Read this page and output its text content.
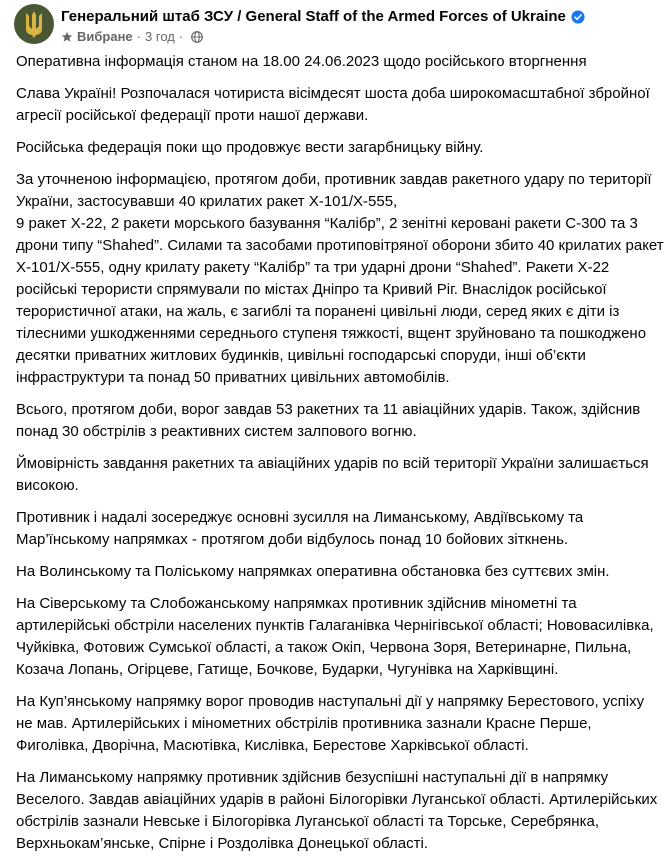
Генеральний штаб ЗСУ / General Staff of the Armed Forces of Ukraine
Вибране · 3 год ·

Оперативна інформація станом на 18.00 24.06.2023 щодо російського вторгнення

Слава Україні! Розпочалася чотириста вісімдесят шоста доба широкомасштабної збройної агресії російської федерації проти нашої держави.

Російська федерація поки що продовжує вести загарбницьку війну.

За уточненою інформацією, протягом доби, противник завдав ракетного удару по території України, застосувавши 40 крилатих ракет Х-101/Х-555,
9 ракет Х-22, 2 ракети морського базування “Калібр”, 2 зенітні керовані ракети С-300 та 3 дрони типу “Shahed”. Силами та засобами протиповітряної оборони збито 40 крилатих ракет Х-101/Х-555, одну крилату ракету “Калібр” та три ударні дрони “Shahed”. Ракети Х-22 російські терористи спрямували по містах Дніпро та Кривий Ріг. Внаслідок російської терористичної атаки, на жаль, є загиблі та поранені цивільні люди, серед яких є діти із тілесними ушкодженнями середнього ступеня тяжкості, вщент зруйновано та пошкоджено десятки приватних житлових будинків, цивільні господарські споруди, інші об’єкти інфраструктури та понад 50 приватних цивільних автомобілів.

Всього, протягом доби, ворог завдав 53 ракетних та 11 авіаційних ударів. Також, здійснив понад 30 обстрілів з реактивних систем залпового вогню.

Ймовірність завдання ракетних та авіаційних ударів по всій території України залишається високою.

Противник і надалі зосереджує основні зусилля на Лиманському, Авдіївському та Мар’їнському напрямках - протягом доби відбулось понад 10 бойових зіткнень.

На Волинському та Поліському напрямках оперативна обстановка без суттєвих змін.

На Сіверському та Слобожанському напрямках противник здійснив мінометні та артилерійські обстріли населених пунктів Галаганівка Чернігівської області; Нововасилівка, Чуйківка, Фотовиж Сумської області, а також Окіп, Червона Зоря, Ветеринарне, Пильна, Козача Лопань, Огірцеве, Гатище, Бочкове, Бударки, Чугунівка на Харківщині.

На Куп’янському напрямку ворог проводив наступальні дії у напрямку Берестового, успіху не мав. Артилерійських і мінометних обстрілів противника зазнали Красне Перше, Фиголівка, Дворічна, Масютівка, Кислівка, Берестове Харківської області.

На Лиманському напрямку противник здійснив безуспішні наступальні дії в напрямку Веселого. Завдав авіаційних ударів в районі Білогорівки Луганської області. Артилерійських обстрілів зазнали Невське і Білогорівка Луганської області та Торське, Серебрянка, Верхньокам’янське, Спірне і Роздолівка Донецької області.
